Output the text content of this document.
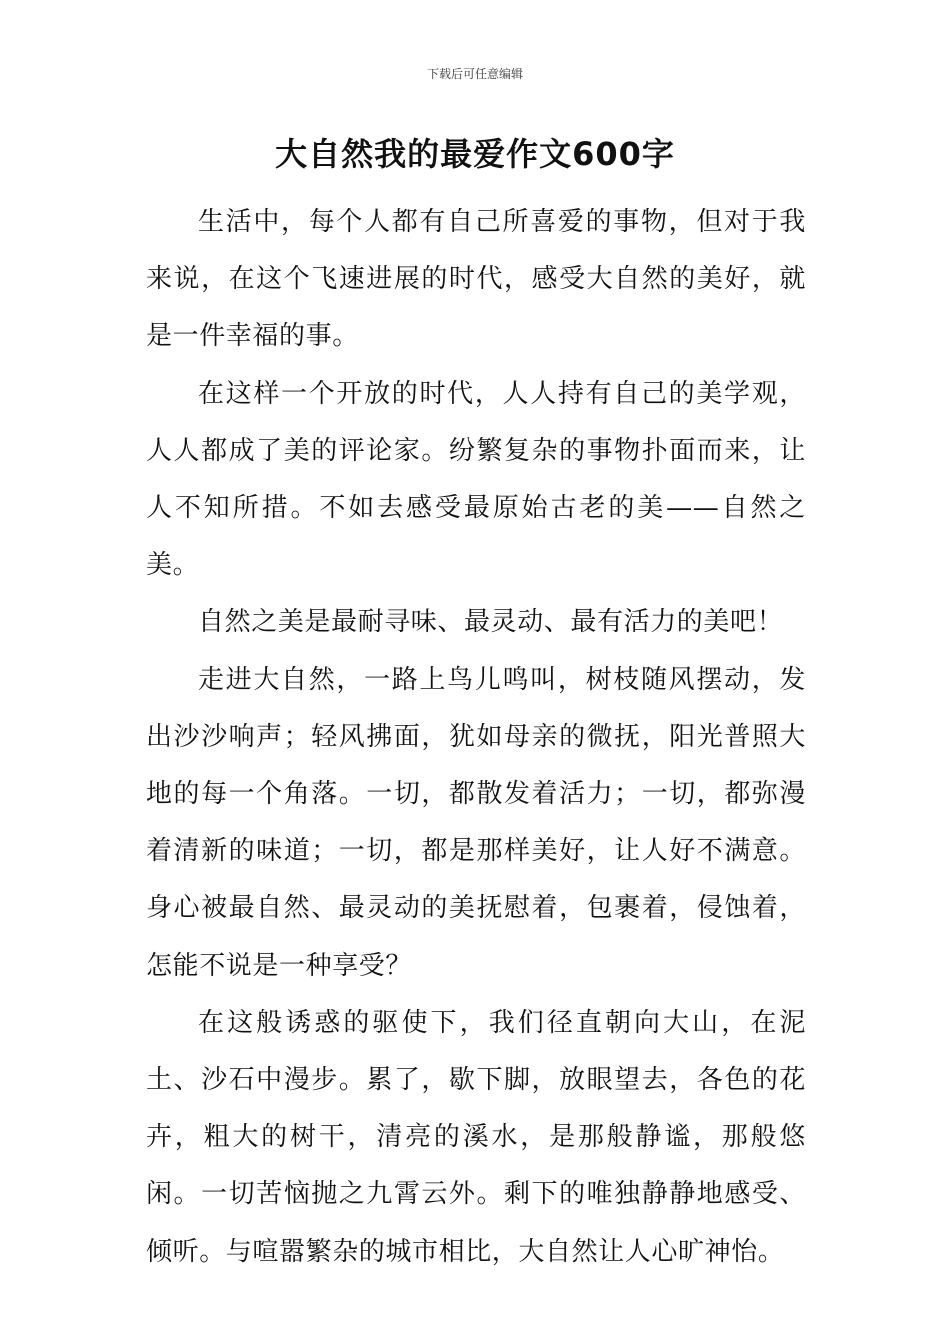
下载后可任意编辑
大自然我的最爱作文600字

生活中，每个人都有自己所喜爱的事物，但对于我来说，在这个飞速进展的时代，感受大自然的美好，就是一件幸福的事。

在这样一个开放的时代，人人持有自己的美学观，人人都成了美的评论家。纷繁复杂的事物扑面而来，让人不知所措。不如去感受最原始古老的美——自然之美。

自然之美是最耐寻味、最灵动、最有活力的美吧！

走进大自然，一路上鸟儿鸣叫，树枝随风摆动，发出沙沙响声；轻风拂面，犹如母亲的微抚，阳光普照大地的每一个角落。一切，都散发着活力；一切，都弥漫着清新的味道；一切，都是那样美好，让人好不满意。身心被最自然、最灵动的美抚慰着，包裹着，侵蚀着，怎能不说是一种享受？

在这般诱惑的驱使下，我们径直朝向大山，在泥土、沙石中漫步。累了，歇下脚，放眼望去，各色的花卉，粗大的树干，清亮的溪水，是那般静谧，那般悠闲。一切苦恼抛之九霄云外。剩下的唯独静静地感受、倾听。与喧嚣繁杂的城市相比，大自然让人心旷神怡。
